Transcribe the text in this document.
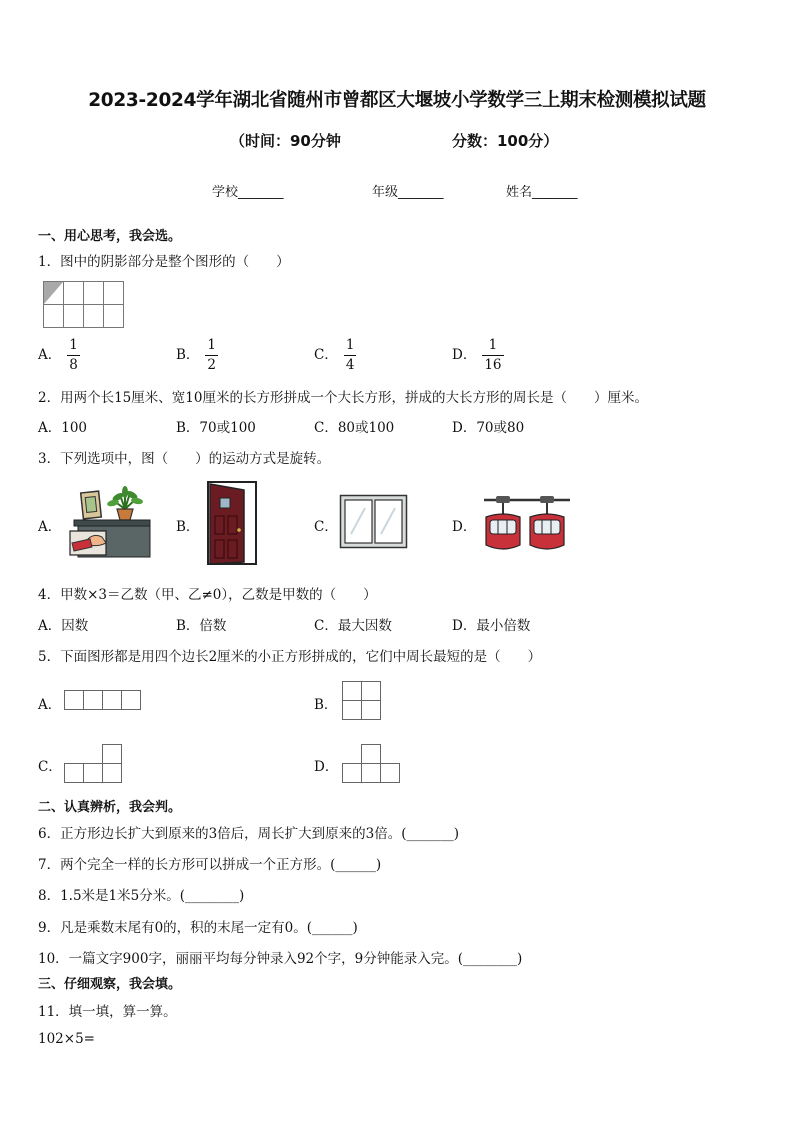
2023-2024学年湖北省随州市曾都区大堰坡小学数学三上期末检测模拟试题
（时间：90分钟	分数：100分）
学校_______	年级_______	姓名_______
一、用心思考，我会选。
1．图中的阴影部分是整个图形的（　　）
A． $\frac{1}{8}$	B． $\frac{1}{2}$	C． $\frac{1}{4}$	D． $\frac{1}{16}$
2．用两个长15厘米、宽10厘米的长方形拼成一个大长方形，拼成的大长方形的周长是（　　）厘米。
A．100	B．70或100	C．80或100	D．70或80
3．下列选项中，图（　　）的运动方式是旋转。
A．	B．	C．	D．
4．甲数×3＝乙数（甲、乙≠0），乙数是甲数的（　　）
A．因数	B．倍数	C．最大因数	D．最小倍数
5．下面图形都是用四个边长2厘米的小正方形拼成的，它们中周长最短的是（　　）
A．	B．
C．	D．
二、认真辨析，我会判。
6．正方形边长扩大到原来的3倍后，周长扩大到原来的3倍。(_______)
7．两个完全一样的长方形可以拼成一个正方形。(______)
8．1.5米是1米5分米。(________)
9．凡是乘数末尾有0的，积的末尾一定有0。(______)
10．一篇文字900字，丽丽平均每分钟录入92个字，9分钟能录入完。(________)
三、仔细观察，我会填。
11．填一填，算一算。
102×5=
